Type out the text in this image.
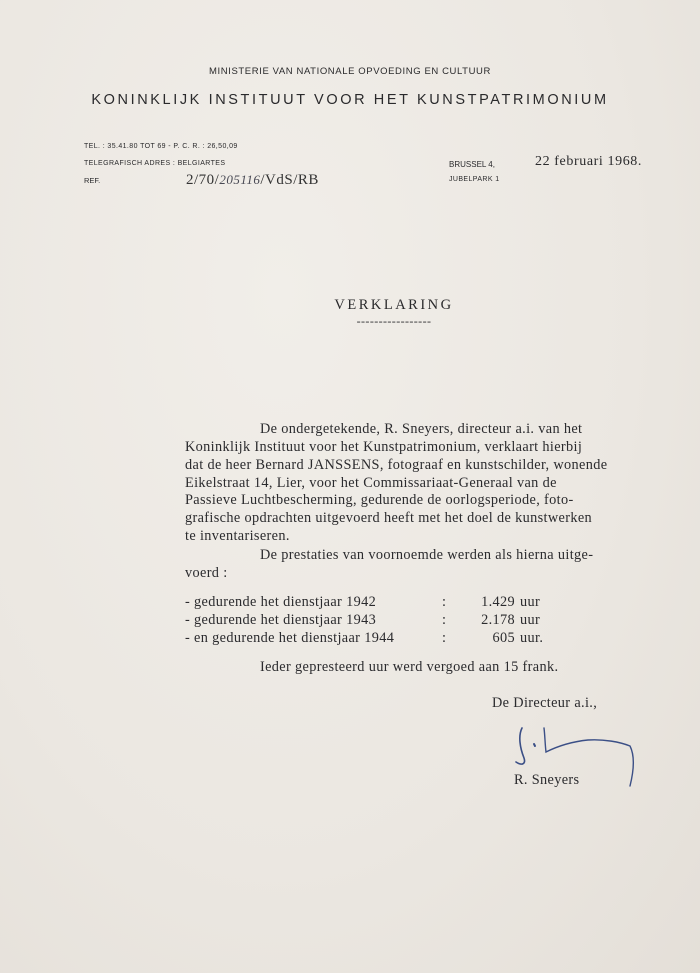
MINISTERIE VAN NATIONALE OPVOEDING EN CULTUUR
KONINKLIJK INSTITUUT VOOR HET KUNSTPATRIMONIUM
TEL. : 35.41.80 TOT 69 - P. C. R. : 26,50,09
TELEGRAFISCH ADRES : BELGIARTES
REF.	2/70/205116/VdS/RB
BRUSSEL 4,
JUBELPARK 1
22 februari 1968.
VERKLARING
-----------------
De ondergetekende, R. Sneyers, directeur a.i. van het
Koninklijk Instituut voor het Kunstpatrimonium, verklaart hierbij
dat de heer Bernard JANSSENS, fotograaf en kunstschilder, wonende
Eikelstraat 14, Lier, voor het Commissariaat-Generaal van de
Passieve Luchtbescherming, gedurende de oorlogsperiode, foto-
grafische opdrachten uitgevoerd heeft met het doel de kunstwerken
te inventariseren.
De prestaties van voornoemde werden als hierna uitge-
voerd :
- gedurende het dienstjaar 1942	:	1.429 uur
- gedurende het dienstjaar 1943	:	2.178 uur
- en gedurende het dienstjaar 1944	:	605 uur.
Ieder gepresteerd uur werd vergoed aan 15 frank.
De Directeur a.i.,
R. Sneyers
